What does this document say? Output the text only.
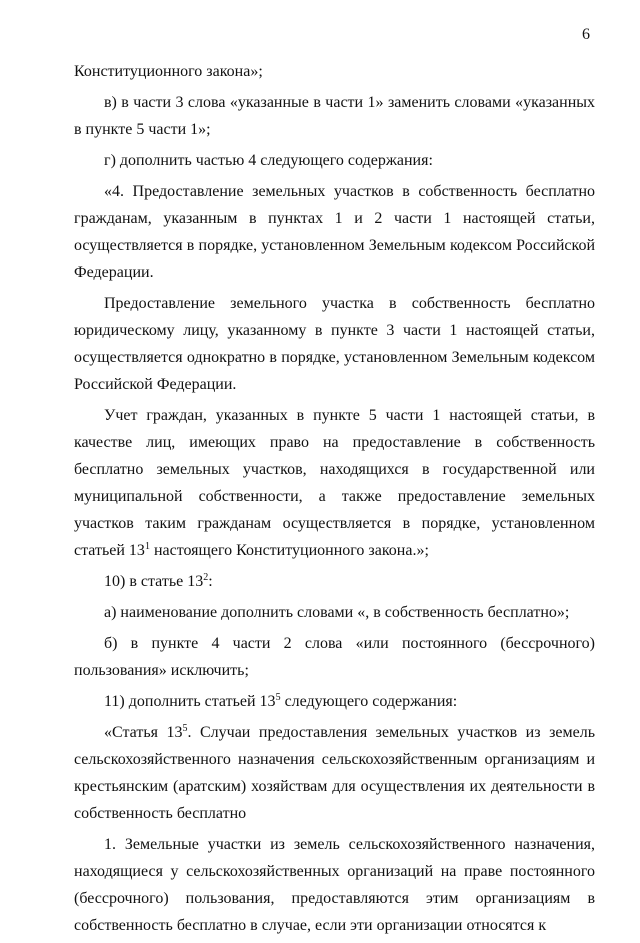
6

Конституционного закона»;

в) в части 3 слова «указанные в части 1» заменить словами «указанных в пункте 5 части 1»;

г) дополнить частью 4 следующего содержания:

«4. Предоставление земельных участков в собственность бесплатно гражданам, указанным в пунктах 1 и 2 части 1 настоящей статьи, осуществляется в порядке, установленном Земельным кодексом Российской Федерации.

Предоставление земельного участка в собственность бесплатно юридическому лицу, указанному в пункте 3 части 1 настоящей статьи, осуществляется однократно в порядке, установленном Земельным кодексом Российской Федерации.

Учет граждан, указанных в пункте 5 части 1 настоящей статьи, в качестве лиц, имеющих право на предоставление в собственность бесплатно земельных участков, находящихся в государственной или муниципальной собственности, а также предоставление земельных участков таким гражданам осуществляется в порядке, установленном статьей $13^1$ настоящего Конституционного закона.»;

10) в статье $13^2$:

а) наименование дополнить словами «, в собственность бесплатно»;

б) в пункте 4 части 2 слова «или постоянного (бессрочного) пользования» исключить;

11) дополнить статьей $13^5$ следующего содержания:

«Статья $13^5$. Случаи предоставления земельных участков из земель сельскохозяйственного назначения сельскохозяйственным организациям и крестьянским (аратским) хозяйствам для осуществления их деятельности в собственность бесплатно

1. Земельные участки из земель сельскохозяйственного назначения, находящиеся у сельскохозяйственных организаций на праве постоянного (бессрочного) пользования, предоставляются этим организациям в собственность бесплатно в случае, если эти организации относятся к
